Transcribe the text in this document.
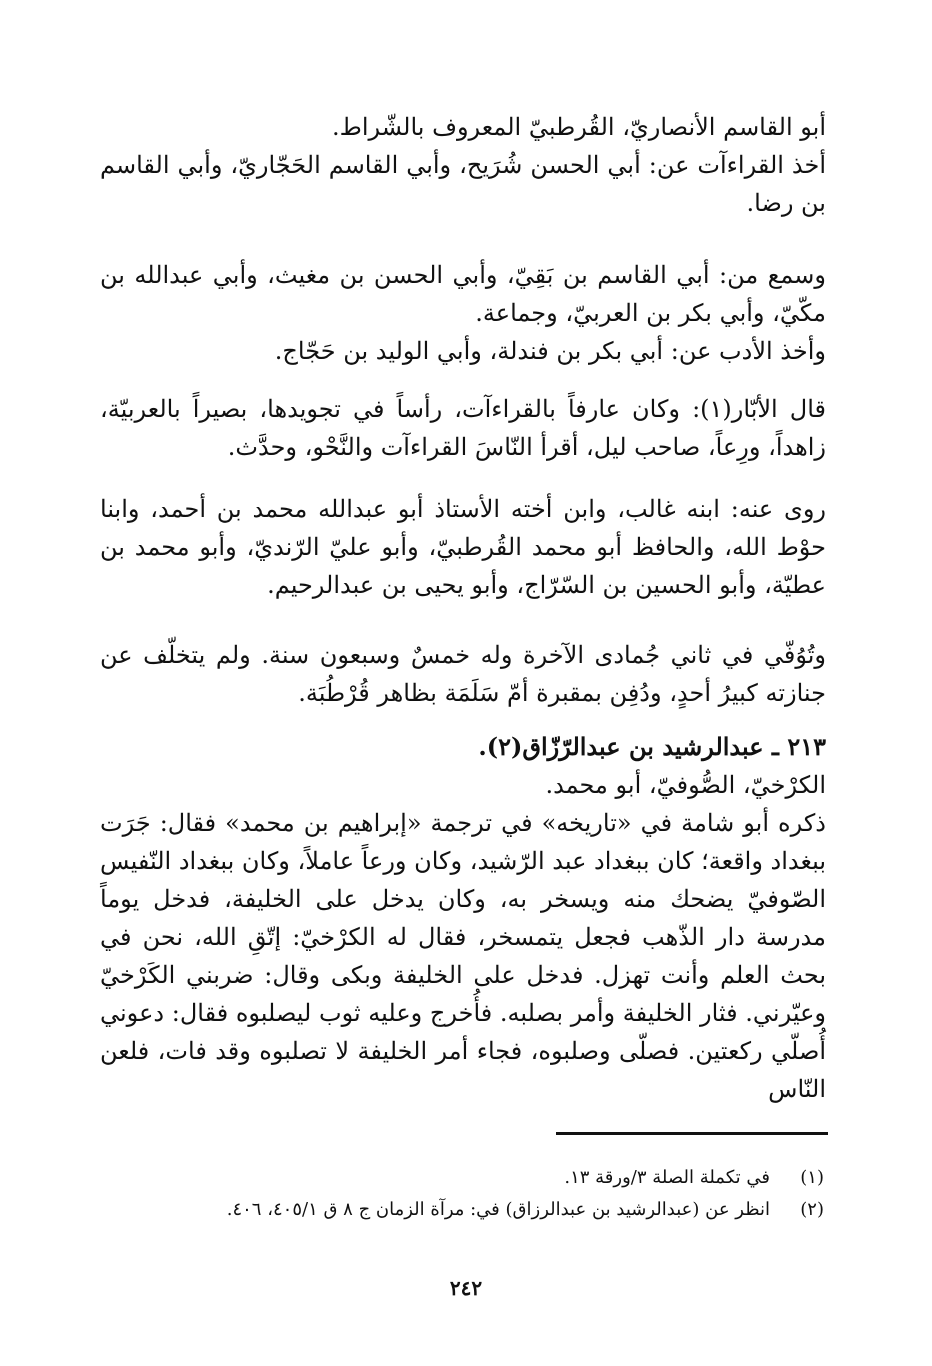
أبو القاسم الأنصاريّ، القُرطبيّ المعروف بالشّراط.

أخذ القراءآت عن: أبي الحسن شُرَيح، وأبي القاسم الحَجّاريّ، وأبي القاسم بن رضا.

وسمع من: أبي القاسم بن بَقِيّ، وأبي الحسن بن مغيث، وأبي عبدالله بن مكّيّ، وأبي بكر بن العربيّ، وجماعة.

وأخذ الأدب عن: أبي بكر بن فندلة، وأبي الوليد بن حَجّاج.

قال الأبّار(١): وكان عارفاً بالقراءآت، رأساً في تجويدها، بصيراً بالعربيّة، زاهداً، ورِعاً، صاحب ليل، أقرأ النّاسَ القراءآت والنَّحْو، وحدَّث.

روى عنه: ابنه غالب، وابن أخته الأستاذ أبو عبدالله محمد بن أحمد، وابنا حوْط الله، والحافظ أبو محمد القُرطبيّ، وأبو عليّ الرّنديّ، وأبو محمد بن عطيّة، وأبو الحسين بن السّرّاج، وأبو يحيى بن عبدالرحيم.

وتُوُفّي في ثاني جُمادى الآخرة وله خمسٌ وسبعون سنة. ولم يتخلّف عن جنازته كبيرُ أحدٍ، ودُفِن بمقبرة أمّ سَلَمَة بظاهر قُرْطُبَة.

٢١٣ ـ عبدالرشيد بن عبدالرّزّاق(٢).

الكرْخيّ، الصُّوفيّ، أبو محمد.

ذكره أبو شامة في «تاريخه» في ترجمة «إبراهيم بن محمد» فقال: جَرَت ببغداد واقعة؛ كان ببغداد عبد الرّشيد، وكان ورعاً عاملاً، وكان ببغداد النّفيس الصّوفيّ يضحك منه ويسخر به، وكان يدخل على الخليفة، فدخل يوماً مدرسة دار الذّهب فجعل يتمسخر، فقال له الكرْخيّ: إتّقِ الله، نحن في بحث العلم وأنت تهزل. فدخل على الخليفة وبكى وقال: ضربني الكَرْخيّ وعيّرني. فثار الخليفة وأمر بصلبه. فأُخرج وعليه ثوب ليصلبوه فقال: دعوني أُصلّي ركعتين. فصلّى وصلبوه، فجاء أمر الخليفة لا تصلبوه وقد فات، فلعن النّاس

(١)
في تكملة الصلة ٣/ورقة ١٣.
(٢)
انظر عن (عبدالرشيد بن عبدالرزاق) في: مرآة الزمان ج ٨ ق ٤٠٥/١، ٤٠٦.
٢٤٢
